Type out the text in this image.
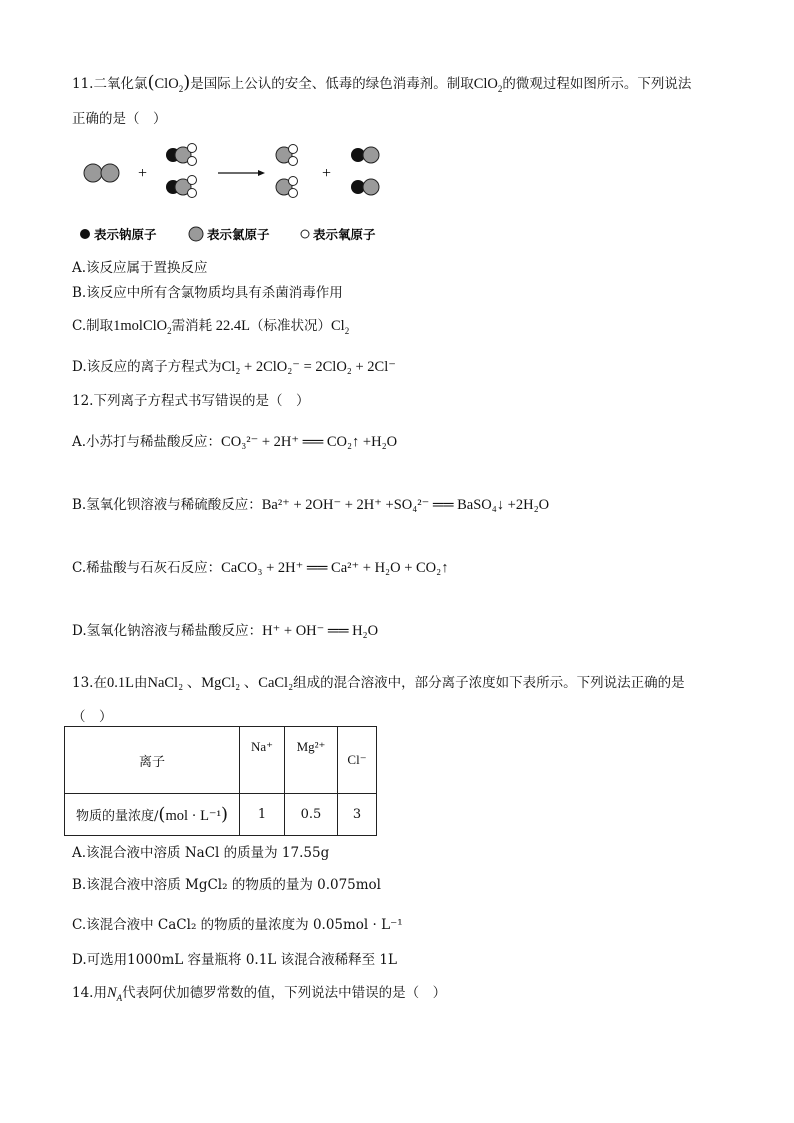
11.二氧化氯(ClO$_2$)是国际上公认的安全、低毒的绿色消毒剂。制取ClO$_2$的微观过程如图所示。下列说法
正确的是（　）
+	+
表示钠原子	表示氯原子	表示氧原子
A.该反应属于置换反应
B.该反应中所有含氯物质均具有杀菌消毒作用
C.制取1molClO$_2$需消耗 22.4L（标准状况）$Cl_2$
D.该反应的离子方程式为Cl₂ + 2ClO₂⁻ = 2ClO₂ + 2Cl⁻
12.下列离子方程式书写错误的是（　）
A.小苏打与稀盐酸反应：CO₃²⁻ + 2H⁺ ══ CO₂↑ +H₂O
B.氢氧化钡溶液与稀硫酸反应：Ba²⁺ + 2OH⁻ + 2H⁺ +SO₄²⁻ ══ BaSO₄↓ +2H₂O
C.稀盐酸与石灰石反应：CaCO₃ + 2H⁺ ══ Ca²⁺ + H₂O + CO₂↑
D.氢氧化钠溶液与稀盐酸反应：H⁺ + OH⁻ ══ H₂O
13.在0.1L由NaCl₂ 、MgCl₂ 、CaCl₂组成的混合溶液中，部分离子浓度如下表所示。下列说法正确的是
（　）
离子	Na⁺	Mg²⁺	Cl⁻
物质的量浓度/(mol · L⁻¹)	1	0.5	3
A.该混合液中溶质 NaCl 的质量为 17.55g
B.该混合液中溶质 MgCl₂ 的物质的量为 0.075mol
C.该混合液中 CaCl₂ 的物质的量浓度为 0.05mol · L⁻¹
D.可选用1000mL 容量瓶将 0.1L 该混合液稀释至 1L
14.用$N_A$代表阿伏加德罗常数的值，下列说法中错误的是（　）
